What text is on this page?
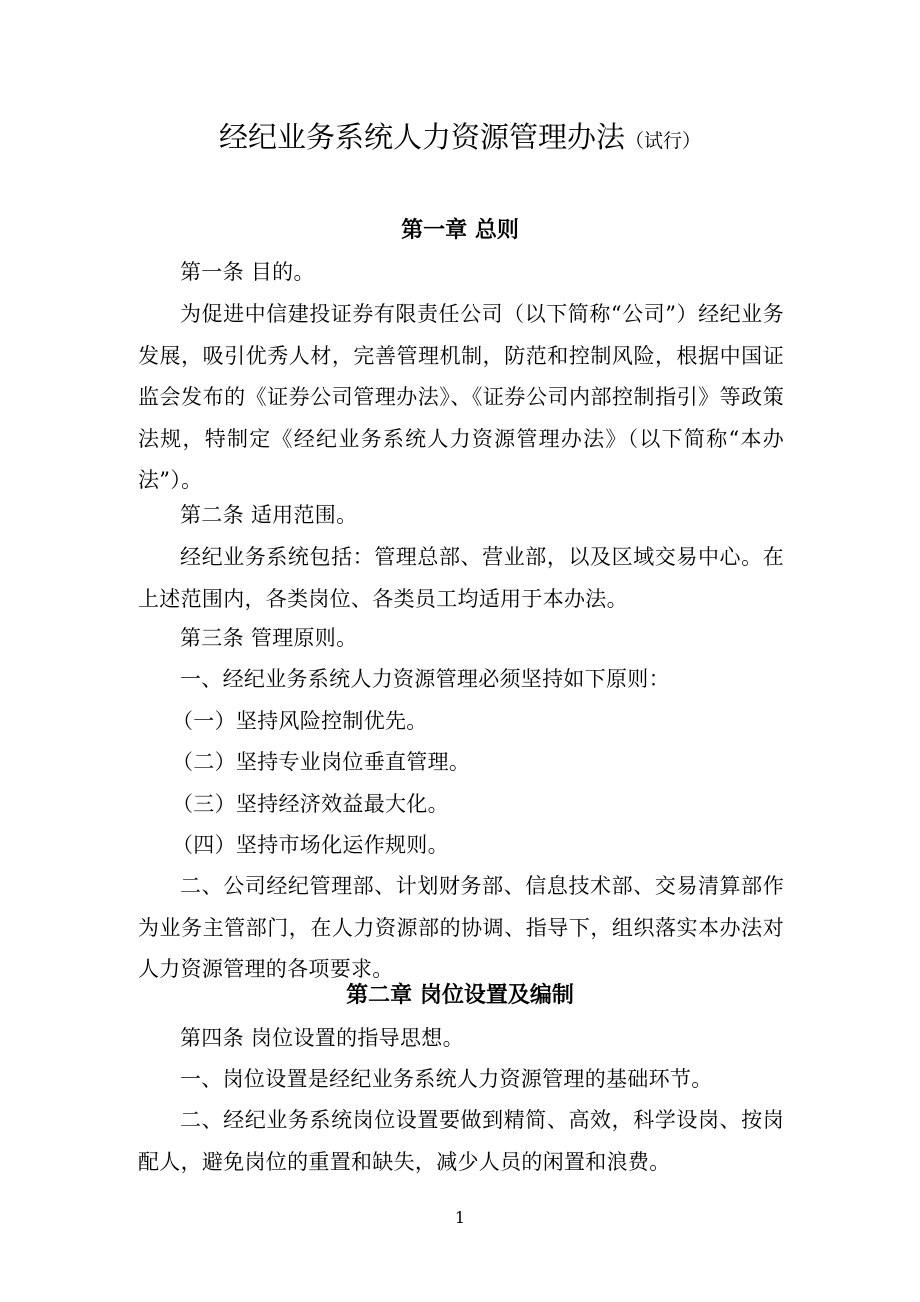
经纪业务系统人力资源管理办法（试行）
第一章 总则
第一条 目的。
为促进中信建投证券有限责任公司（以下简称“公司”）经纪业务发展，吸引优秀人材，完善管理机制，防范和控制风险，根据中国证监会发布的《证券公司管理办法》、《证券公司内部控制指引》等政策法规，特制定《经纪业务系统人力资源管理办法》（以下简称“本办法”）。
第二条 适用范围。
经纪业务系统包括：管理总部、营业部，以及区域交易中心。在上述范围内，各类岗位、各类员工均适用于本办法。
第三条 管理原则。
一、经纪业务系统人力资源管理必须坚持如下原则：
（一）坚持风险控制优先。
（二）坚持专业岗位垂直管理。
（三）坚持经济效益最大化。
（四）坚持市场化运作规则。
二、公司经纪管理部、计划财务部、信息技术部、交易清算部作为业务主管部门，在人力资源部的协调、指导下，组织落实本办法对人力资源管理的各项要求。
第二章 岗位设置及编制
第四条 岗位设置的指导思想。
一、岗位设置是经纪业务系统人力资源管理的基础环节。
二、经纪业务系统岗位设置要做到精简、高效，科学设岗、按岗配人，避免岗位的重置和缺失，减少人员的闲置和浪费。
1
